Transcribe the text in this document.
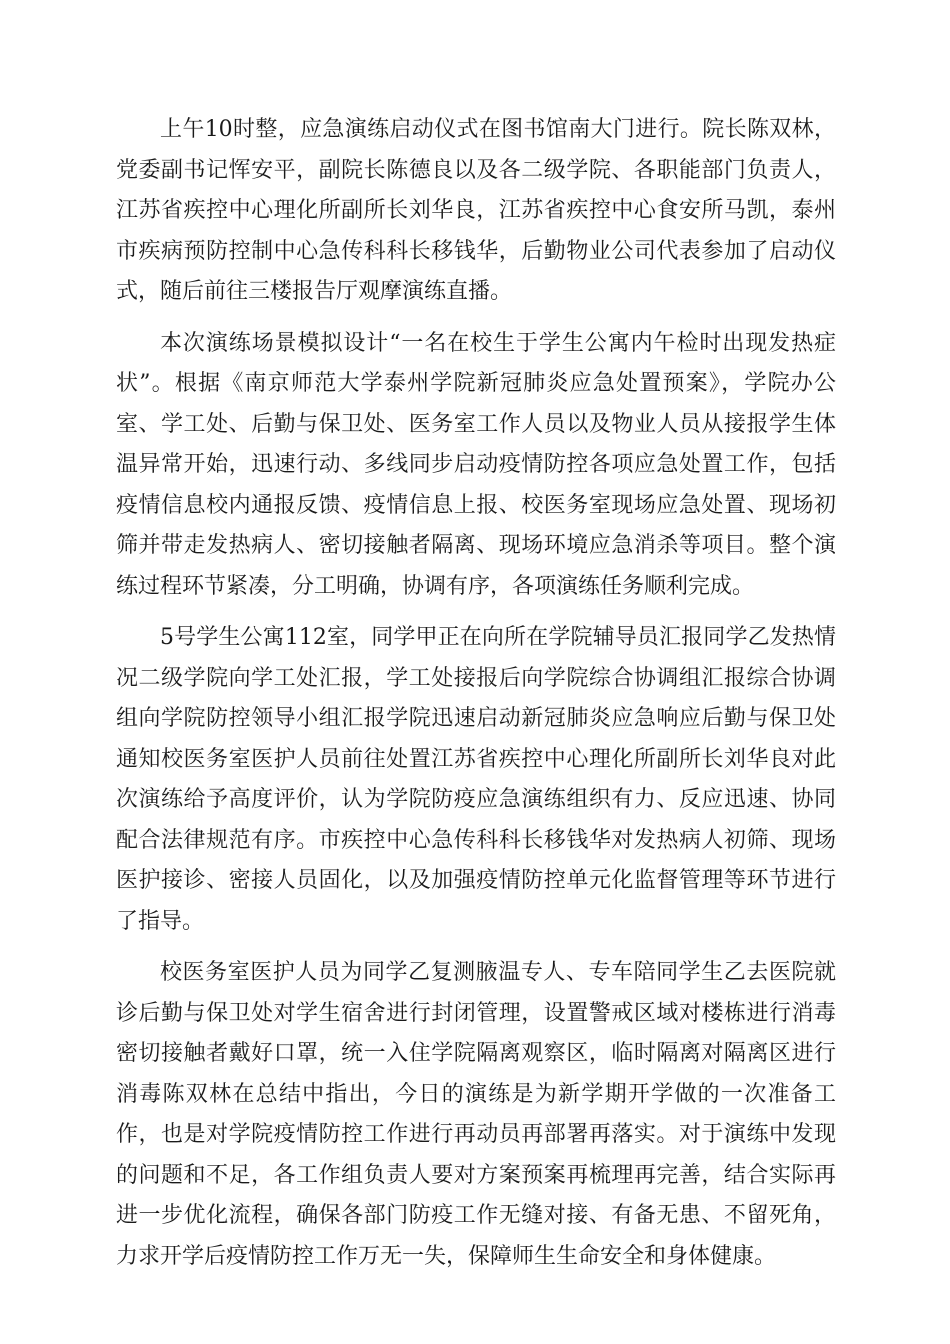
上午10时整，应急演练启动仪式在图书馆南大门进行。院长陈双林，党委副书记恽安平，副院长陈德良以及各二级学院、各职能部门负责人，江苏省疾控中心理化所副所长刘华良，江苏省疾控中心食安所马凯，泰州市疾病预防控制中心急传科科长移钱华，后勤物业公司代表参加了启动仪式，随后前往三楼报告厅观摩演练直播。

本次演练场景模拟设计“一名在校生于学生公寓内午检时出现发热症状”。根据《南京师范大学泰州学院新冠肺炎应急处置预案》，学院办公室、学工处、后勤与保卫处、医务室工作人员以及物业人员从接报学生体温异常开始，迅速行动、多线同步启动疫情防控各项应急处置工作，包括疫情信息校内通报反馈、疫情信息上报、校医务室现场应急处置、现场初筛并带走发热病人、密切接触者隔离、现场环境应急消杀等项目。整个演练过程环节紧凑，分工明确，协调有序，各项演练任务顺利完成。

5号学生公寓112室，同学甲正在向所在学院辅导员汇报同学乙发热情况二级学院向学工处汇报，学工处接报后向学院综合协调组汇报综合协调组向学院防控领导小组汇报学院迅速启动新冠肺炎应急响应后勤与保卫处通知校医务室医护人员前往处置江苏省疾控中心理化所副所长刘华良对此次演练给予高度评价，认为学院防疫应急演练组织有力、反应迅速、协同配合法律规范有序。市疾控中心急传科科长移钱华对发热病人初筛、现场医护接诊、密接人员固化，以及加强疫情防控单元化监督管理等环节进行了指导。

校医务室医护人员为同学乙复测腋温专人、专车陪同学生乙去医院就诊后勤与保卫处对学生宿舍进行封闭管理，设置警戒区域对楼栋进行消毒密切接触者戴好口罩，统一入住学院隔离观察区，临时隔离对隔离区进行消毒陈双林在总结中指出，今日的演练是为新学期开学做的一次准备工作，也是对学院疫情防控工作进行再动员再部署再落实。对于演练中发现的问题和不足，各工作组负责人要对方案预案再梳理再完善，结合实际再进一步优化流程，确保各部门防疫工作无缝对接、有备无患、不留死角，力求开学后疫情防控工作万无一失，保障师生生命安全和身体健康。
